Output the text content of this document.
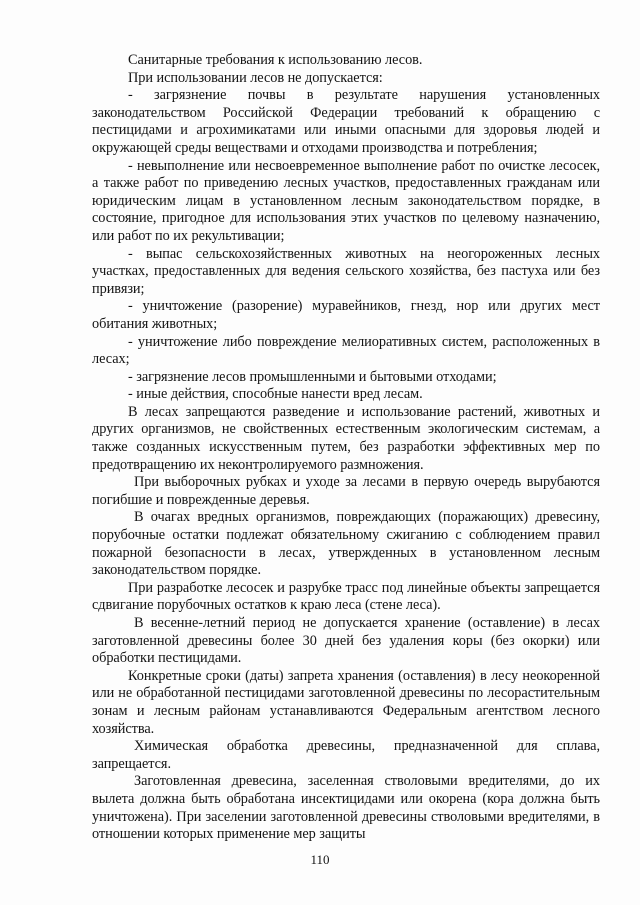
Санитарные требования к использованию лесов.

При использовании лесов не допускается:

- загрязнение почвы в результате нарушения установленных законодательством Российской Федерации требований к обращению с пестицидами и агрохимикатами или иными опасными для здоровья людей и окружающей среды веществами и отходами производства и потребления;

- невыполнение или несвоевременное выполнение работ по очистке лесосек, а также работ по приведению лесных участков, предоставленных гражданам или юридическим лицам в установленном лесным законодательством порядке, в состояние, пригодное для использования этих участков по целевому назначению, или работ по их рекультивации;

- выпас сельскохозяйственных животных на неогороженных лесных участках, предоставленных для ведения сельского хозяйства, без пастуха или без привязи;

- уничтожение (разорение) муравейников, гнезд, нор или других мест обитания животных;

- уничтожение либо повреждение мелиоративных систем, расположенных в лесах;

- загрязнение лесов промышленными и бытовыми отходами;

- иные действия, способные нанести вред лесам.

В лесах запрещаются разведение и использование растений, животных и других организмов, не свойственных естественным экологическим системам, а также созданных искусственным путем, без разработки эффективных мер по предотвращению их неконтролируемого размножения.

При выборочных рубках и уходе за лесами в первую очередь вырубаются погибшие и поврежденные деревья.

В очагах вредных организмов, повреждающих (поражающих) древесину, порубочные остатки подлежат обязательному сжиганию с соблюдением правил пожарной безопасности в лесах, утвержденных в установленном лесным законодательством порядке.

При разработке лесосек и разрубке трасс под линейные объекты запрещается сдвигание порубочных остатков к краю леса (стене леса).

В весенне-летний период не допускается хранение (оставление) в лесах заготовленной древесины более 30 дней без удаления коры (без окорки) или обработки пестицидами.

Конкретные сроки (даты) запрета хранения (оставления) в лесу неокоренной или не обработанной пестицидами заготовленной древесины по лесорастительным зонам и лесным районам устанавливаются Федеральным агентством лесного хозяйства.

Химическая обработка древесины, предназначенной для сплава, запрещается.

Заготовленная древесина, заселенная стволовыми вредителями, до их вылета должна быть обработана инсектицидами или окорена (кора должна быть уничтожена). При заселении заготовленной древесины стволовыми вредителями, в отношении которых применение мер защиты

110
